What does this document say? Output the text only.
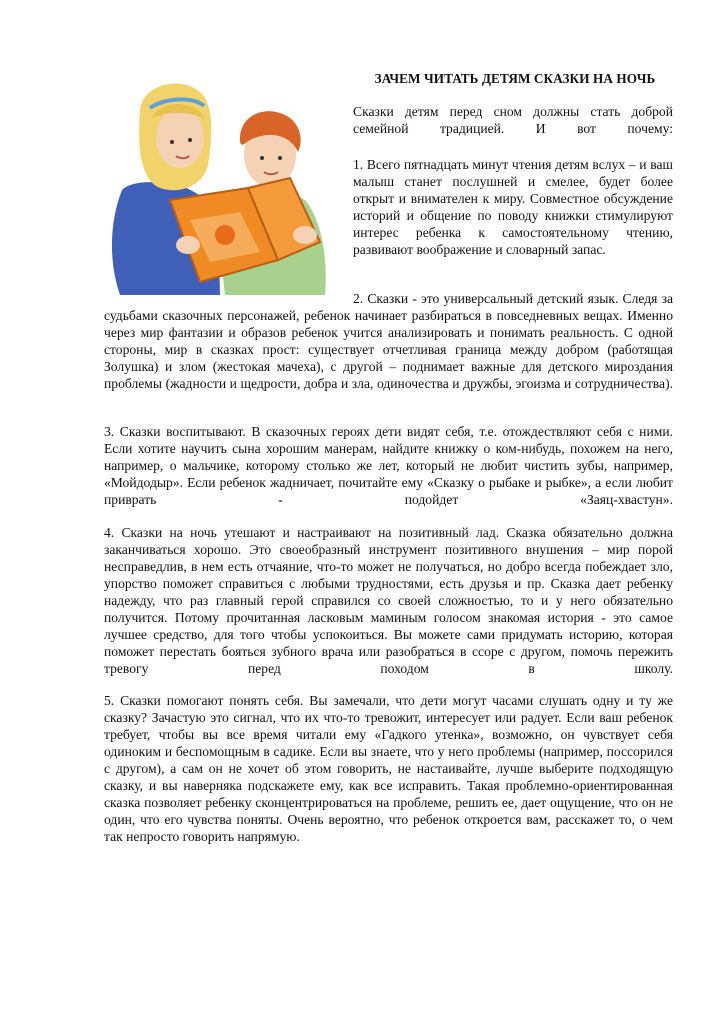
ЗАЧЕМ ЧИТАТЬ ДЕТЯМ СКАЗКИ НА НОЧЬ

Сказки детям перед сном должны стать доброй семейной традицией. И вот почему:

1. Всего пятнадцать минут чтения детям вслух – и ваш малыш станет послушней и смелее, будет более открыт и внимателен к миру. Совместное обсуждение историй и общение по поводу книжки стимулируют интерес ребенка к самостоятельному чтению, развивают воображение и словарный запас.

2. Сказки - это универсальный детский язык. Следя за судьбами сказочных персонажей, ребенок начинает разбираться в повседневных вещах. Именно через мир фантазии и образов ребенок учится анализировать и понимать реальность. С одной стороны, мир в сказках прост: существует отчетливая граница между добром (работящая Золушка) и злом (жестокая мачеха), с другой – поднимает важные для детского мироздания проблемы (жадности и щедрости, добра и зла, одиночества и дружбы, эгоизма и сотрудничества).

3. Сказки воспитывают. В сказочных героях дети видят себя, т.е. отождествляют себя с ними. Если хотите научить сына хорошим манерам, найдите книжку о ком-нибудь, похожем на него, например, о мальчике, которому столько же лет, который не любит чистить зубы, например, «Мойдодыр». Если ребенок жадничает, почитайте ему «Сказку о рыбаке и рыбке», а если любит приврать - подойдет «Заяц-хвастун».

4. Сказки на ночь утешают и настраивают на позитивный лад. Сказка обязательно должна заканчиваться хорошо. Это своеобразный инструмент позитивного внушения – мир порой несправедлив, в нем есть отчаяние, что-то может не получаться, но добро всегда побеждает зло, упорство поможет справиться с любыми трудностями, есть друзья и пр. Сказка дает ребенку надежду, что раз главный герой справился со своей сложностью, то и у него обязательно получится. Потому прочитанная ласковым маминым голосом знакомая история - это самое лучшее средство, для того чтобы успокоиться. Вы можете сами придумать историю, которая поможет перестать бояться зубного врача или разобраться в ссоре с другом, помочь пережить тревогу перед походом в школу.

5. Сказки помогают понять себя. Вы замечали, что дети могут часами слушать одну и ту же сказку? Зачастую это сигнал, что их что-то тревожит, интересует или радует. Если ваш ребенок требует, чтобы вы все время читали ему «Гадкого утенка», возможно, он чувствует себя одиноким и беспомощным в садике. Если вы знаете, что у него проблемы (например, поссорился с другом), а сам он не хочет об этом говорить, не настаивайте, лучше выберите подходящую сказку, и вы наверняка подскажете ему, как все исправить. Такая проблемно-ориентированная сказка позволяет ребенку сконцентрироваться на проблеме, решить ее, дает ощущение, что он не один, что его чувства поняты. Очень вероятно, что ребенок откроется вам, расскажет то, о чем так непросто говорить напрямую.
